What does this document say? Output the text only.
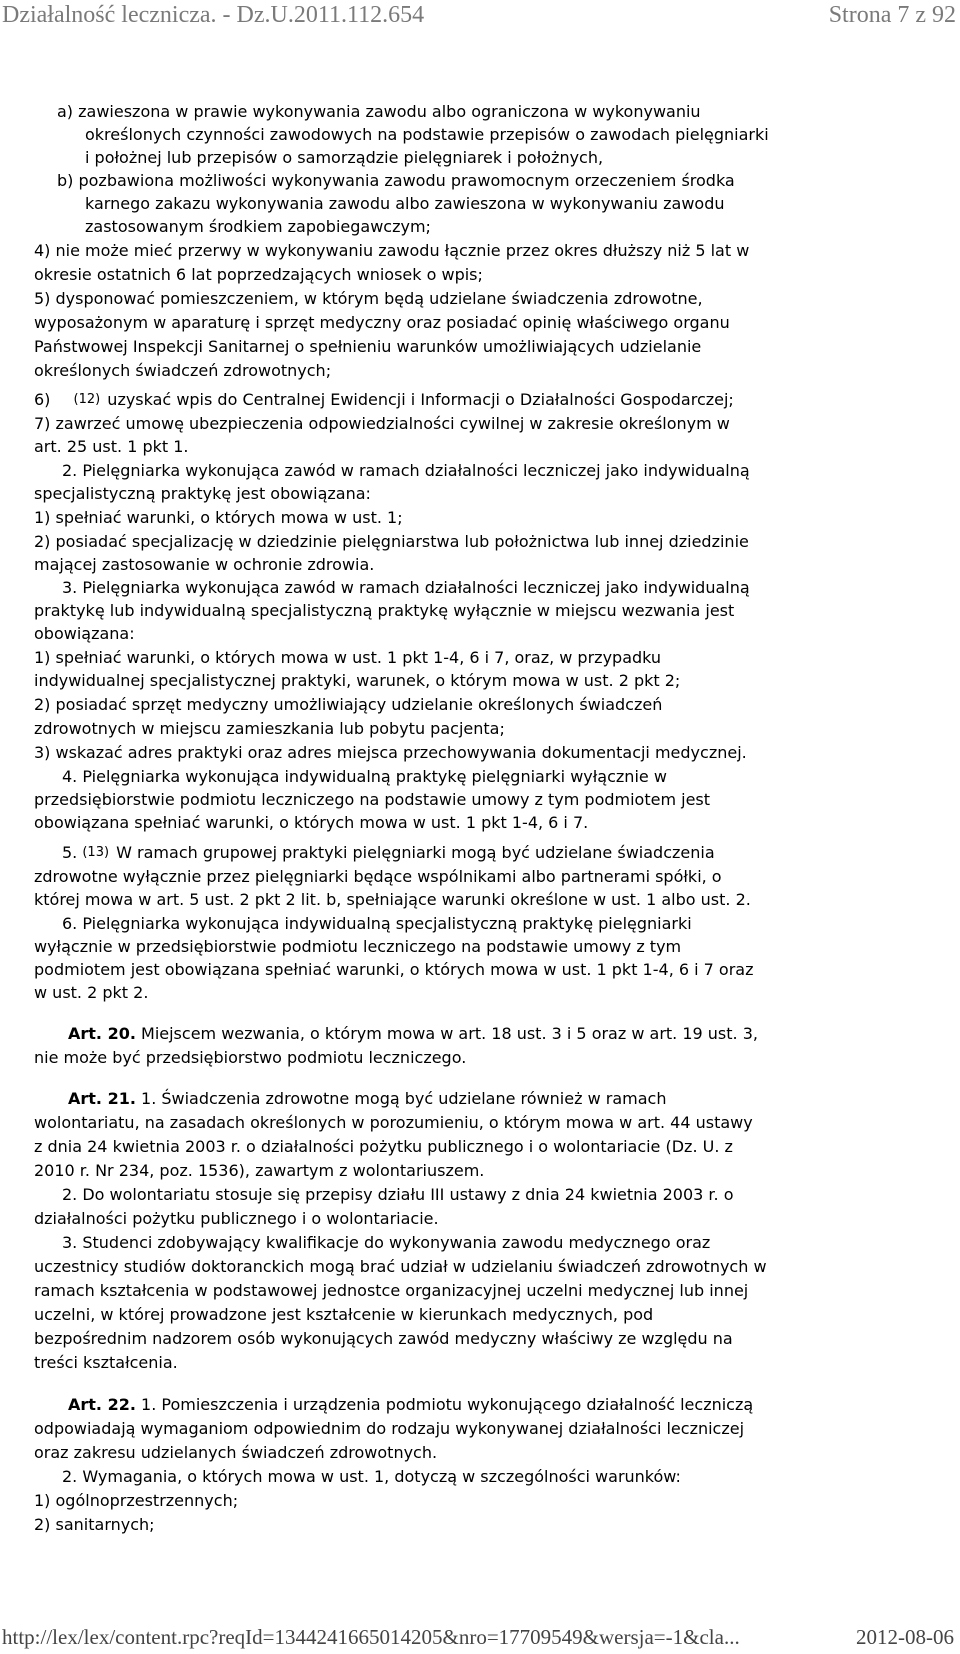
Działalność lecznicza. - Dz.U.2011.112.654	Strona 7 z 92
a) zawieszona w prawie wykonywania zawodu albo ograniczona w wykonywaniu
określonych czynności zawodowych na podstawie przepisów o zawodach pielęgniarki
i położnej lub przepisów o samorządzie pielęgniarek i położnych,
b) pozbawiona możliwości wykonywania zawodu prawomocnym orzeczeniem środka
karnego zakazu wykonywania zawodu albo zawieszona w wykonywaniu zawodu
zastosowanym środkiem zapobiegawczym;
4) nie może mieć przerwy w wykonywaniu zawodu łącznie przez okres dłuższy niż 5 lat w
okresie ostatnich 6 lat poprzedzających wniosek o wpis;
5) dysponować pomieszczeniem, w którym będą udzielane świadczenia zdrowotne,
wyposażonym w aparaturę i sprzęt medyczny oraz posiadać opinię właściwego organu
Państwowej Inspekcji Sanitarnej o spełnieniu warunków umożliwiających udzielanie
określonych świadczeń zdrowotnych;
6) $^{(12)}$ uzyskać wpis do Centralnej Ewidencji i Informacji o Działalności Gospodarczej;
7) zawrzeć umowę ubezpieczenia odpowiedzialności cywilnej w zakresie określonym w
art. 25 ust. 1 pkt 1.
2. Pielęgniarka wykonująca zawód w ramach działalności leczniczej jako indywidualną
specjalistyczną praktykę jest obowiązana:
1) spełniać warunki, o których mowa w ust. 1;
2) posiadać specjalizację w dziedzinie pielęgniarstwa lub położnictwa lub innej dziedzinie
mającej zastosowanie w ochronie zdrowia.
3. Pielęgniarka wykonująca zawód w ramach działalności leczniczej jako indywidualną
praktykę lub indywidualną specjalistyczną praktykę wyłącznie w miejscu wezwania jest
obowiązana:
1) spełniać warunki, o których mowa w ust. 1 pkt 1-4, 6 i 7, oraz, w przypadku
indywidualnej specjalistycznej praktyki, warunek, o którym mowa w ust. 2 pkt 2;
2) posiadać sprzęt medyczny umożliwiający udzielanie określonych świadczeń
zdrowotnych w miejscu zamieszkania lub pobytu pacjenta;
3) wskazać adres praktyki oraz adres miejsca przechowywania dokumentacji medycznej.
4. Pielęgniarka wykonująca indywidualną praktykę pielęgniarki wyłącznie w
przedsiębiorstwie podmiotu leczniczego na podstawie umowy z tym podmiotem jest
obowiązana spełniać warunki, o których mowa w ust. 1 pkt 1-4, 6 i 7.
5. $^{(13)}$ W ramach grupowej praktyki pielęgniarki mogą być udzielane świadczenia
zdrowotne wyłącznie przez pielęgniarki będące wspólnikami albo partnerami spółki, o
której mowa w art. 5 ust. 2 pkt 2 lit. b, spełniające warunki określone w ust. 1 albo ust. 2.
6. Pielęgniarka wykonująca indywidualną specjalistyczną praktykę pielęgniarki
wyłącznie w przedsiębiorstwie podmiotu leczniczego na podstawie umowy z tym
podmiotem jest obowiązana spełniać warunki, o których mowa w ust. 1 pkt 1-4, 6 i 7 oraz
w ust. 2 pkt 2.
Art. 20. Miejscem wezwania, o którym mowa w art. 18 ust. 3 i 5 oraz w art. 19 ust. 3,
nie może być przedsiębiorstwo podmiotu leczniczego.
Art. 21. 1. Świadczenia zdrowotne mogą być udzielane również w ramach
wolontariatu, na zasadach określonych w porozumieniu, o którym mowa w art. 44 ustawy
z dnia 24 kwietnia 2003 r. o działalności pożytku publicznego i o wolontariacie (Dz. U. z
2010 r. Nr 234, poz. 1536), zawartym z wolontariuszem.
2. Do wolontariatu stosuje się przepisy działu III ustawy z dnia 24 kwietnia 2003 r. o
działalności pożytku publicznego i o wolontariacie.
3. Studenci zdobywający kwalifikacje do wykonywania zawodu medycznego oraz
uczestnicy studiów doktoranckich mogą brać udział w udzielaniu świadczeń zdrowotnych w
ramach kształcenia w podstawowej jednostce organizacyjnej uczelni medycznej lub innej
uczelni, w której prowadzone jest kształcenie w kierunkach medycznych, pod
bezpośrednim nadzorem osób wykonujących zawód medyczny właściwy ze względu na
treści kształcenia.
Art. 22. 1. Pomieszczenia i urządzenia podmiotu wykonującego działalność leczniczą
odpowiadają wymaganiom odpowiednim do rodzaju wykonywanej działalności leczniczej
oraz zakresu udzielanych świadczeń zdrowotnych.
2. Wymagania, o których mowa w ust. 1, dotyczą w szczególności warunków:
1) ogólnoprzestrzennych;
2) sanitarnych;
http://lex/lex/content.rpc?reqId=1344241665014205&nro=17709549&wersja=-1&cla...	2012-08-06
